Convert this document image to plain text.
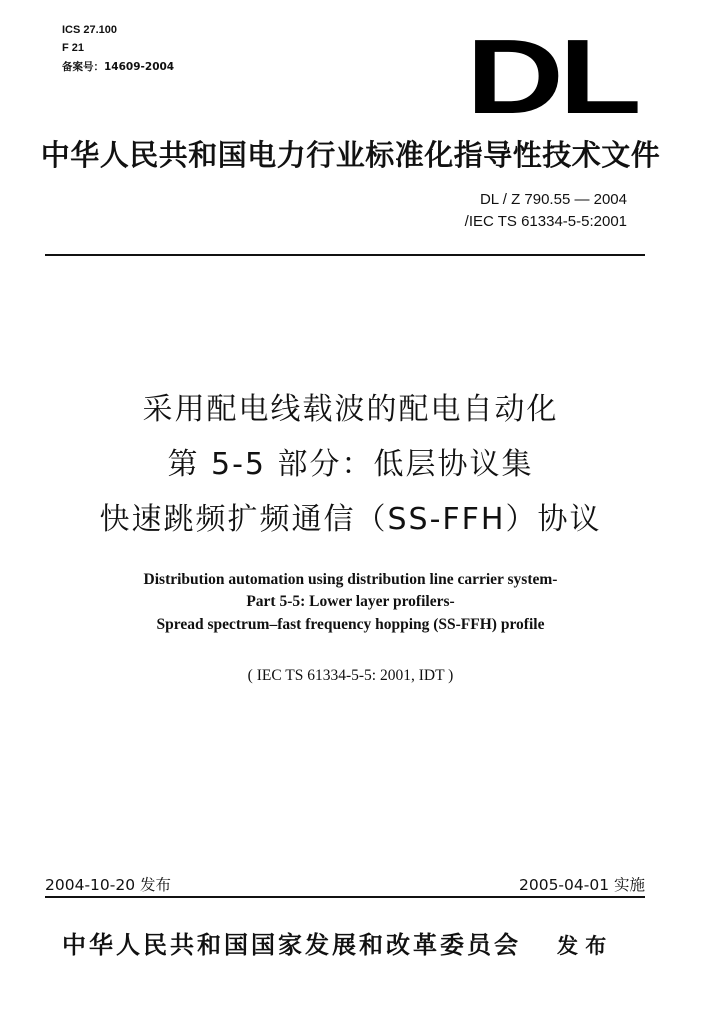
ICS 27.100
F 21
备案号：14609-2004	DL
中华人民共和国电力行业标准化指导性技术文件
DL / Z 790.55 — 2004
/IEC TS 61334-5-5:2001
采用配电线载波的配电自动化
第 5-5 部分：低层协议集
快速跳频扩频通信（SS-FFH）协议
Distribution automation using distribution line carrier system-
Part 5-5: Lower layer profilers-
Spread spectrum–fast frequency hopping (SS-FFH) profile
( IEC TS 61334-5-5: 2001, IDT )
2004-10-20 发布	2005-04-01 实施
中华人民共和国国家发展和改革委员会 发 布
